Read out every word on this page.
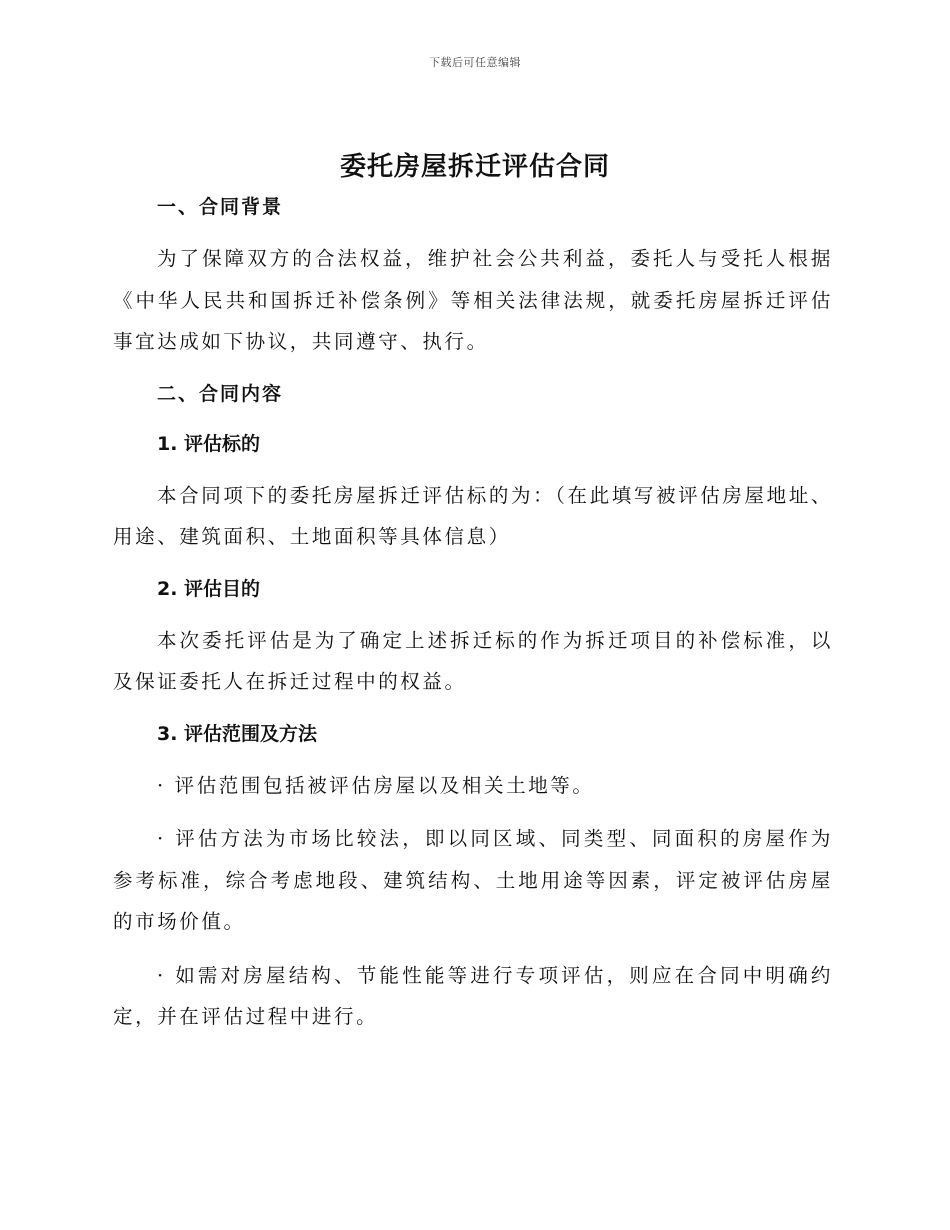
下载后可任意编辑
委托房屋拆迁评估合同
一、合同背景

为了保障双方的合法权益，维护社会公共利益，委托人与受托人根据《中华人民共和国拆迁补偿条例》等相关法律法规，就委托房屋拆迁评估事宜达成如下协议，共同遵守、执行。

二、合同内容
1. 评估标的

本合同项下的委托房屋拆迁评估标的为：（在此填写被评估房屋地址、用途、建筑面积、土地面积等具体信息）

2. 评估目的

本次委托评估是为了确定上述拆迁标的作为拆迁项目的补偿标准，以及保证委托人在拆迁过程中的权益。

3. 评估范围及方法

· 评估范围包括被评估房屋以及相关土地等。

· 评估方法为市场比较法，即以同区域、同类型、同面积的房屋作为参考标准，综合考虑地段、建筑结构、土地用途等因素，评定被评估房屋的市场价值。

· 如需对房屋结构、节能性能等进行专项评估，则应在合同中明确约定，并在评估过程中进行。
